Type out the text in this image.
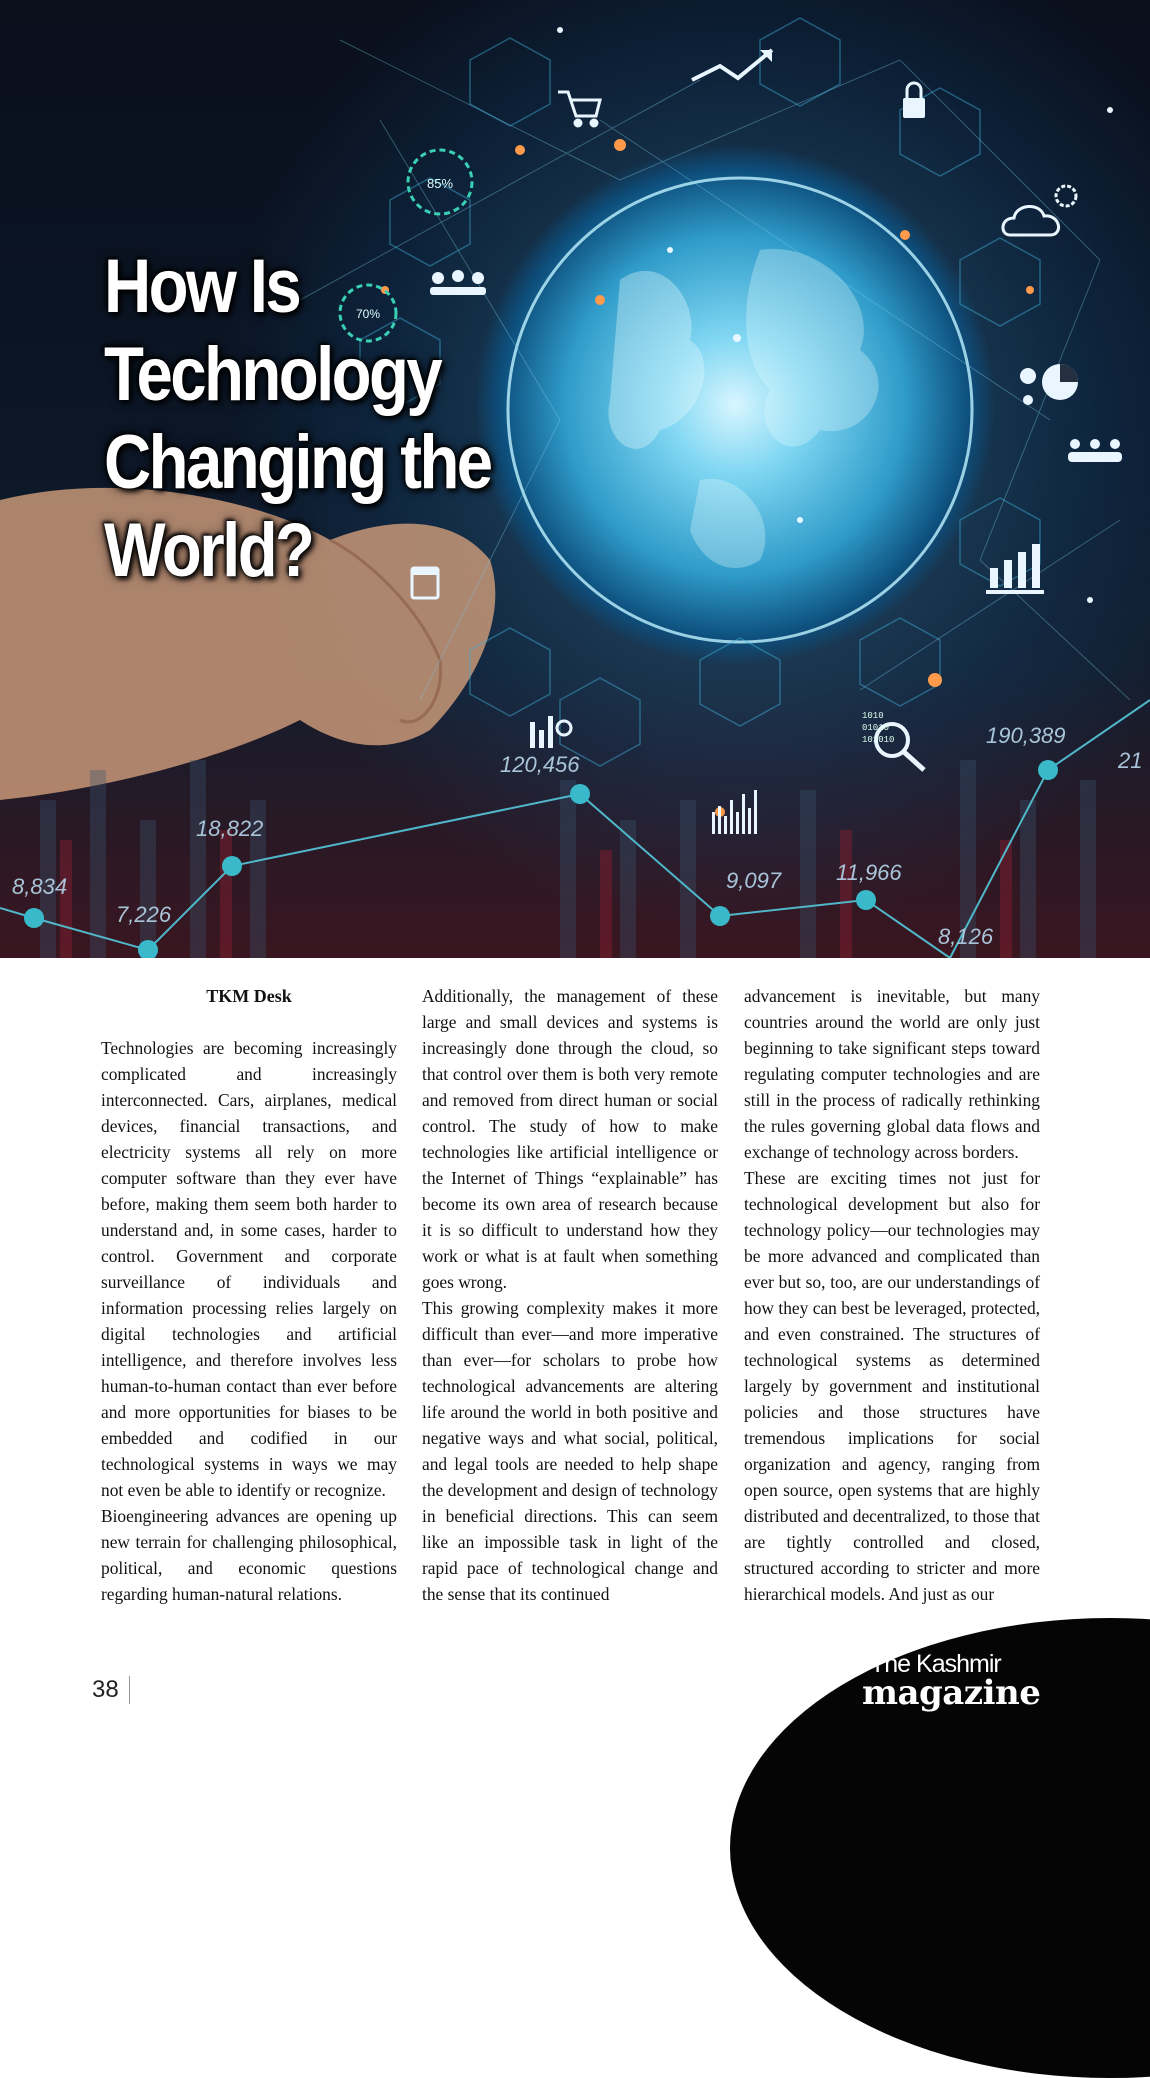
85%
70%
1010
01010
101010
How Is
Technology
Changing the
World?
120,456
190,389
21
18,822
8,834
7,226
9,097 11,966
8,126

TKM Desk

Technologies are becoming increasingly complicated and increasingly interconnected. Cars, airplanes, medical devices, financial transactions, and electricity systems all rely on more computer software than they ever have before, making them seem both harder to understand and, in some cases, harder to control. Government and corporate surveillance of individuals and information processing relies largely on digital technologies and artificial intelligence, and therefore involves less human-to-human contact than ever before and more opportunities for biases to be embedded and codified in our technological systems in ways we may not even be able to identify or recognize.

Bioengineering advances are opening up new terrain for challenging philosophical, political, and economic questions regarding human-natural relations.

Additionally, the management of these large and small devices and systems is increasingly done through the cloud, so that control over them is both very remote and removed from direct human or social control. The study of how to make technologies like artificial intelligence or the Internet of Things “explainable” has become its own area of research because it is so difficult to understand how they work or what is at fault when something goes wrong.

This growing complexity makes it more difficult than ever—and more imperative than ever—for scholars to probe how technological advancements are altering life around the world in both positive and negative ways and what social, political, and legal tools are needed to help shape the development and design of technology in beneficial directions. This can seem like an impossible task in light of the rapid pace of technological change and the sense that its continued

advancement is inevitable, but many countries around the world are only just beginning to take significant steps toward regulating computer technologies and are still in the process of radically rethinking the rules governing global data flows and exchange of technology across borders.

These are exciting times not just for technological development but also for technology policy—our technologies may be more advanced and complicated than ever but so, too, are our understandings of how they can best be leveraged, protected, and even constrained. The structures of technological systems as determined largely by government and institutional policies and those structures have tremendous implications for social organization and agency, ranging from open source, open systems that are highly distributed and decentralized, to those that are tightly controlled and closed, structured according to stricter and more hierarchical models. And just as our

38
The Kashmir
magazine
